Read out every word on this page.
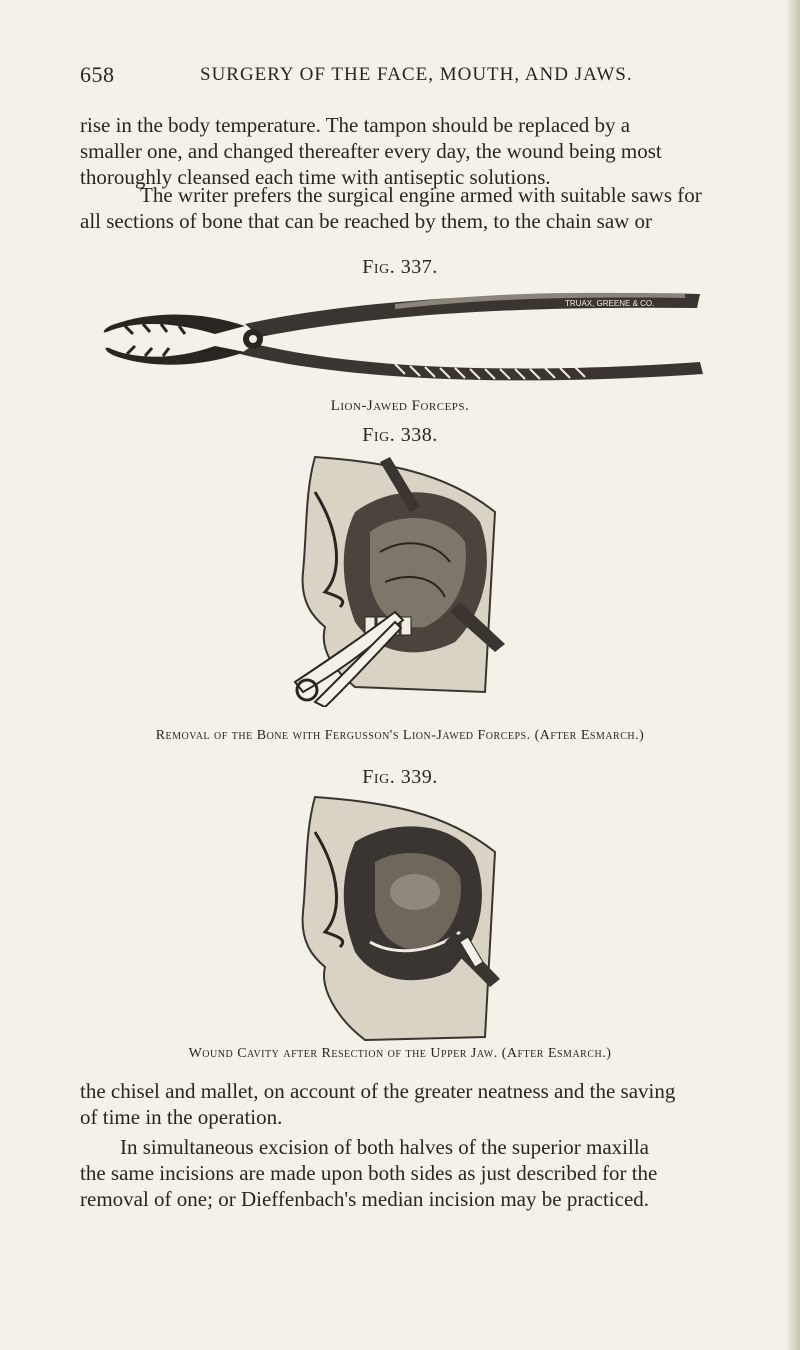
658	SURGERY OF THE FACE, MOUTH, AND JAWS.

rise in the body temperature. The tampon should be replaced by a
smaller one, and changed thereafter every day, the wound being most
thoroughly cleansed each time with antiseptic solutions.

The writer prefers the surgical engine armed with suitable saws for
all sections of bone that can be reached by them, to the chain saw or

Fig. 337.
TRUAX, GREENE & CO.
Lion-Jawed Forceps.
Fig. 338.
Removal of the Bone with Fergusson's Lion-Jawed Forceps. (After Esmarch.)
Fig. 339.
Wound Cavity after Resection of the Upper Jaw. (After Esmarch.)

the chisel and mallet, on account of the greater neatness and the saving
of time in the operation.

In simultaneous excision of both halves of the superior maxilla
the same incisions are made upon both sides as just described for the
removal of one; or Dieffenbach's median incision may be practiced.
